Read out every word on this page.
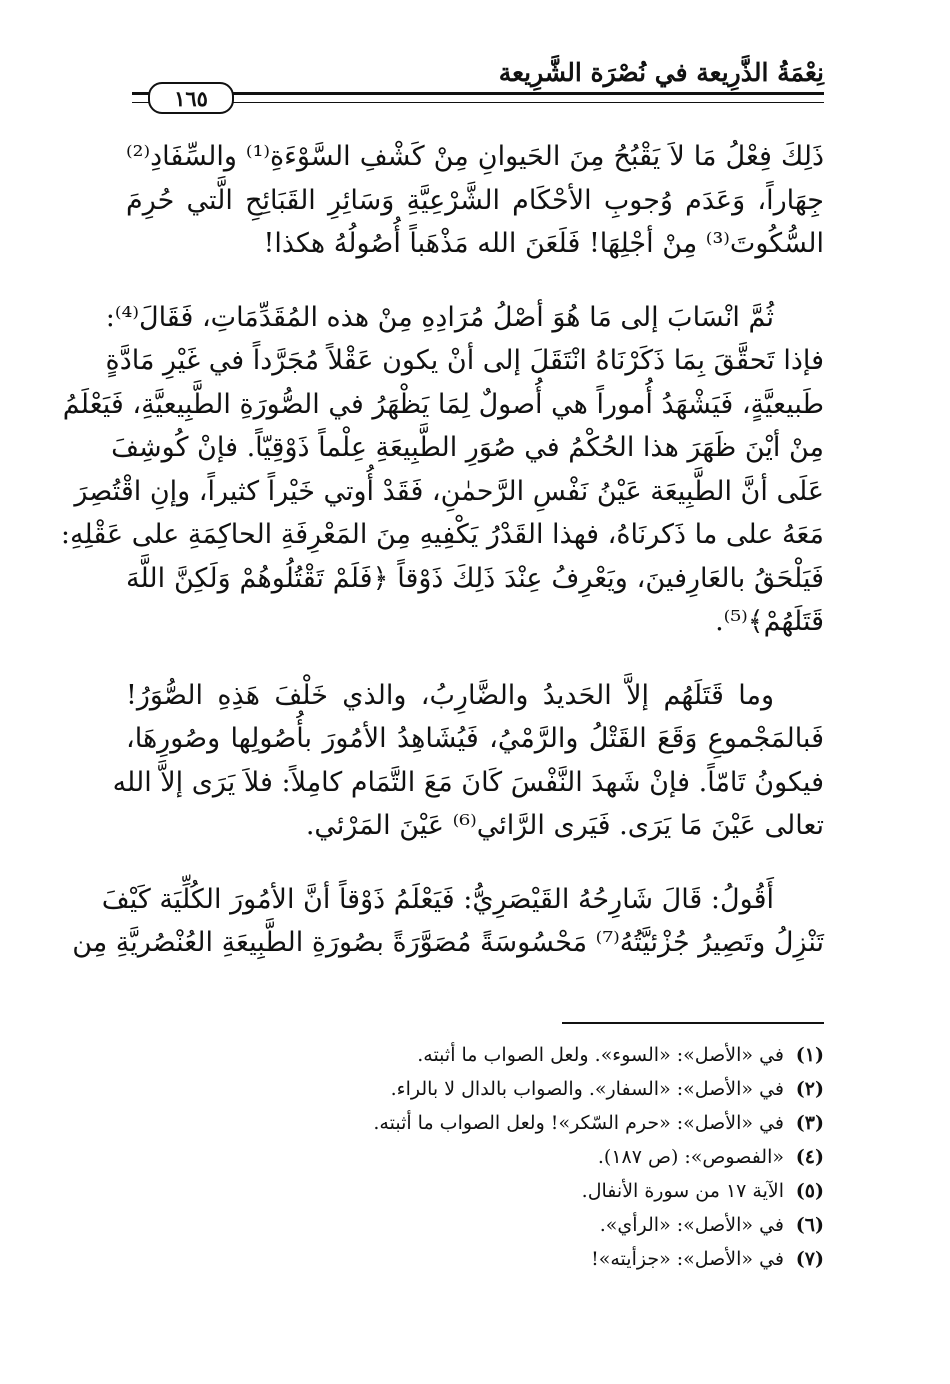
نِعْمَةُ الذَّرِيعة في نُصْرَة الشَّرِيعة
١٦٥
ذَلِكَ فِعْلُ مَا لاَ يَقْبُحُ مِنَ الحَيوانِ مِنْ كَشْفِ السَّوْءَةِ⁽¹⁾ والسِّفَادِ⁽²⁾
جِهَاراً، وَعَدَم وُجوبِ الأحْكَام الشَّرْعِيَّةِ وَسَائِرِ القَبَائِحِ الَّتي حُرِمَ
السُّكُوتَ⁽³⁾ مِنْ أجْلِهَا! فَلَعَنَ الله مَذْهَباً أُصُولُهُ هكذا!
ثُمَّ انْسَابَ إلى مَا هُوَ أصْلُ مُرَادِهِ مِنْ هذه المُقَدِّمَاتِ، فَقَالَ⁽⁴⁾:
فإذا تَحقَّقَ بِمَا ذَكَرْنَاهُ انْتَقَلَ إلى أنْ يكون عَقْلاً مُجَرَّداً في غَيْرِ مَادَّةٍ
طَبيعيَّةٍ، فَيَشْهَدُ أُموراً هي أُصولٌ لِمَا يَظْهَرُ في الصُّورَةِ الطَّبِيعيَّةِ، فَيَعْلَمُ
مِنْ أيْنَ ظَهَرَ هذا الحُكْمُ في صُوَرِ الطَّبِيعَةِ عِلْماً ذَوْقِيّاً. فإنْ كُوشِفَ
عَلَى أنَّ الطَّبِيعَة عَيْنُ نَفْسِ الرَّحمٰنِ، فَقَدْ أُوتي خَيْراً كثيراً، وإنِ اقْتُصِرَ
مَعَهُ على ما ذَكرنَاهُ، فهذا القَدْرُ يَكْفِيهِ مِنَ المَعْرِفَةِ الحاكِمَةِ على عَقْلِهِ:
فَيَلْحَقُ بالعَارِفينَ، ويَعْرِفُ عِنْدَ ذَلِكَ ذَوْقاً ﴿فَلَمْ تَقْتُلُوهُمْ وَلَكِنَّ اللَّهَ
قَتَلَهُمْ﴾⁽⁵⁾.
وما قَتَلَهُم إلاَّ الحَديدُ والضَّارِبُ، والذي خَلْفَ هَذِهِ الصُّوَرُ!
فَبالمَجْموعِ وَقَعَ القَتْلُ والرَّمْيُ، فَيُشَاهِدُ الأمُورَ بأُصُولِها وصُورِهَا،
فيكونُ تَامّاً. فإنْ شَهدَ النَّفْسَ كَانَ مَعَ التَّمَام كامِلاً: فلاَ يَرَى إلاَّ الله
تعالى عَيْنَ مَا يَرَى. فَيَرى الرَّائي⁽⁶⁾ عَيْنَ المَرْئي.
أَقُولُ: قَالَ شَارِحُهُ القَيْصَرِيُّ: فَيَعْلَمُ ذَوْقاً أنَّ الأمُورَ الكُلِّيَة كَيْفَ
تَنْزِلُ وتَصِيرُ جُزْئيَّتُهُ⁽⁷⁾ مَحْسُوسَةً مُصَوَّرَةً بصُورَةِ الطَّبِيعَةِ العُنْصُريَّةِ مِن
(١)
في «الأصل»: «السوء». ولعل الصواب ما أثبته.
(٢)
في «الأصل»: «السفار». والصواب بالدال لا بالراء.
(٣)
في «الأصل»: «حرم السّكر»! ولعل الصواب ما أثبته.
(٤)
«الفصوص»: (ص ١٨٧).
(٥)
الآية ١٧ من سورة الأنفال.
(٦)
في «الأصل»: «الرأي».
(٧)
في «الأصل»: «جزأيته»!
